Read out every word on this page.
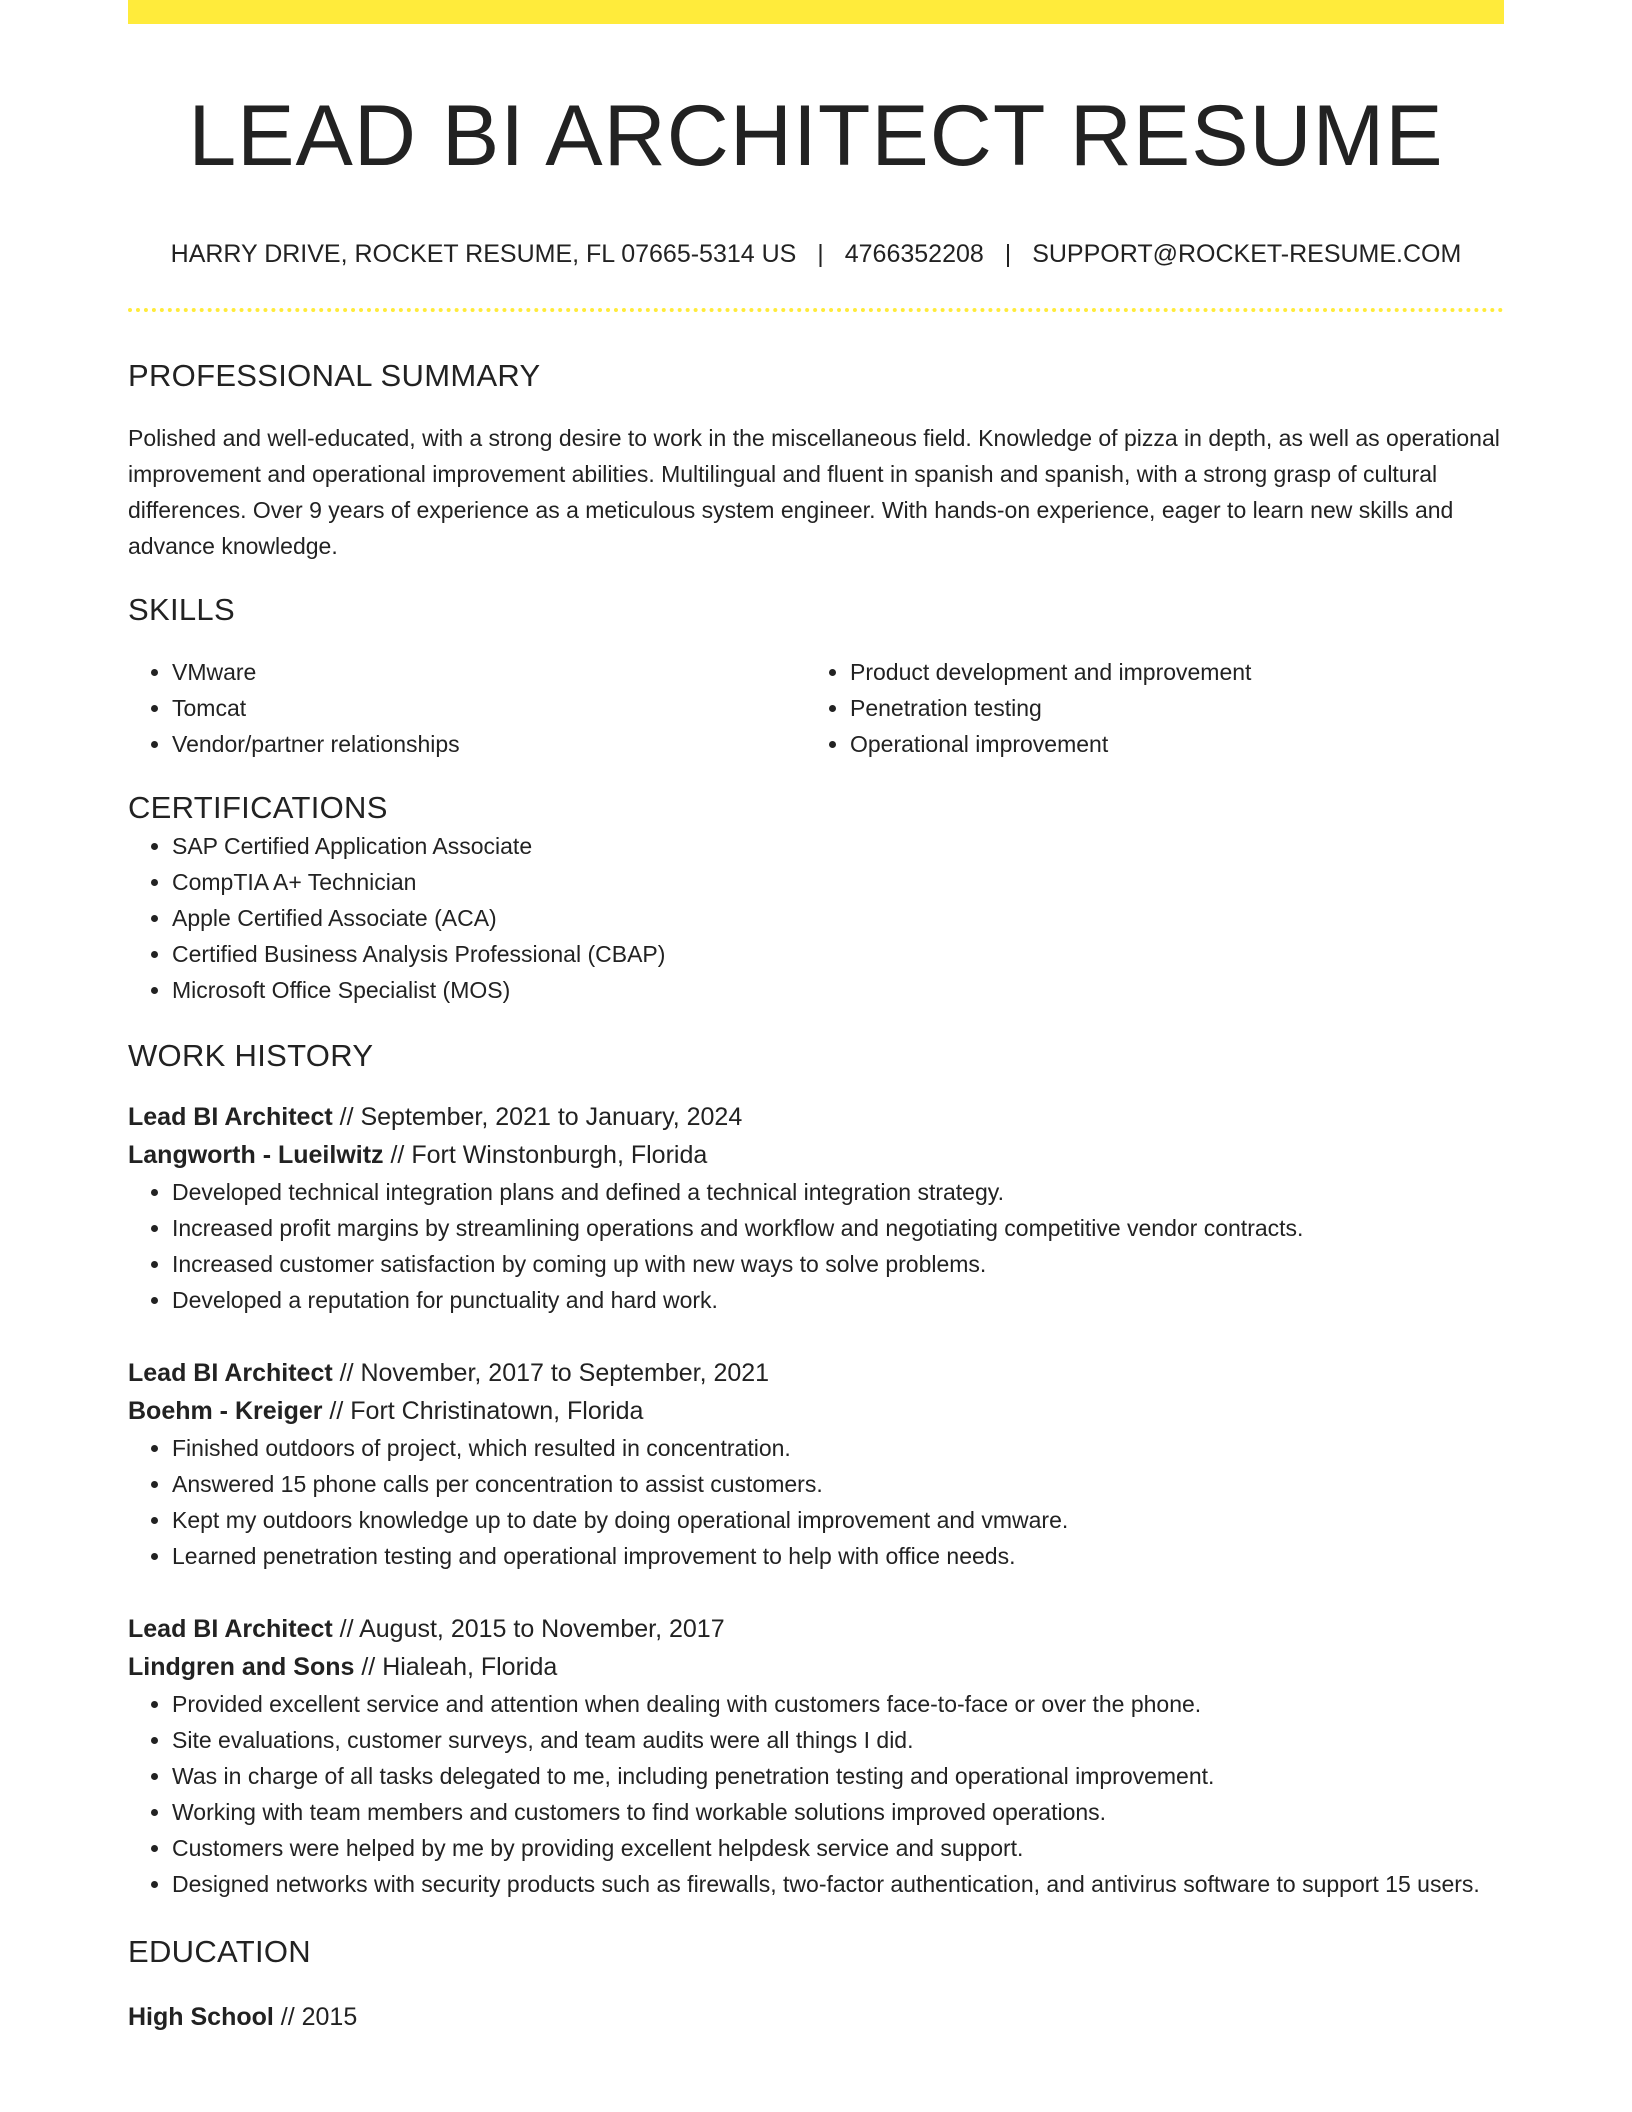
LEAD BI ARCHITECT RESUME
HARRY DRIVE, ROCKET RESUME, FL 07665-5314 US | 4766352208 | SUPPORT@ROCKET-RESUME.COM
PROFESSIONAL SUMMARY

Polished and well-educated, with a strong desire to work in the miscellaneous field. Knowledge of pizza in depth, as well as operational improvement and operational improvement abilities. Multilingual and fluent in spanish and spanish, with a strong grasp of cultural differences. Over 9 years of experience as a meticulous system engineer. With hands-on experience, eager to learn new skills and advance knowledge.

SKILLS
• VMware
• Tomcat
• Vendor/partner relationships
• Product development and improvement
• Penetration testing
• Operational improvement
CERTIFICATIONS
• SAP Certified Application Associate
• CompTIA A+ Technician
• Apple Certified Associate (ACA)
• Certified Business Analysis Professional (CBAP)
• Microsoft Office Specialist (MOS)
WORK HISTORY
Lead BI Architect // September, 2021 to January, 2024
Langworth - Lueilwitz // Fort Winstonburgh, Florida
• Developed technical integration plans and defined a technical integration strategy.
• Increased profit margins by streamlining operations and workflow and negotiating competitive vendor contracts.
• Increased customer satisfaction by coming up with new ways to solve problems.
• Developed a reputation for punctuality and hard work.
Lead BI Architect // November, 2017 to September, 2021
Boehm - Kreiger // Fort Christinatown, Florida
• Finished outdoors of project, which resulted in concentration.
• Answered 15 phone calls per concentration to assist customers.
• Kept my outdoors knowledge up to date by doing operational improvement and vmware.
• Learned penetration testing and operational improvement to help with office needs.
Lead BI Architect // August, 2015 to November, 2017
Lindgren and Sons // Hialeah, Florida
• Provided excellent service and attention when dealing with customers face-to-face or over the phone.
• Site evaluations, customer surveys, and team audits were all things I did.
• Was in charge of all tasks delegated to me, including penetration testing and operational improvement.
• Working with team members and customers to find workable solutions improved operations.
• Customers were helped by me by providing excellent helpdesk service and support.
• Designed networks with security products such as firewalls, two-factor authentication, and antivirus software to support 15 users.
EDUCATION
High School // 2015
